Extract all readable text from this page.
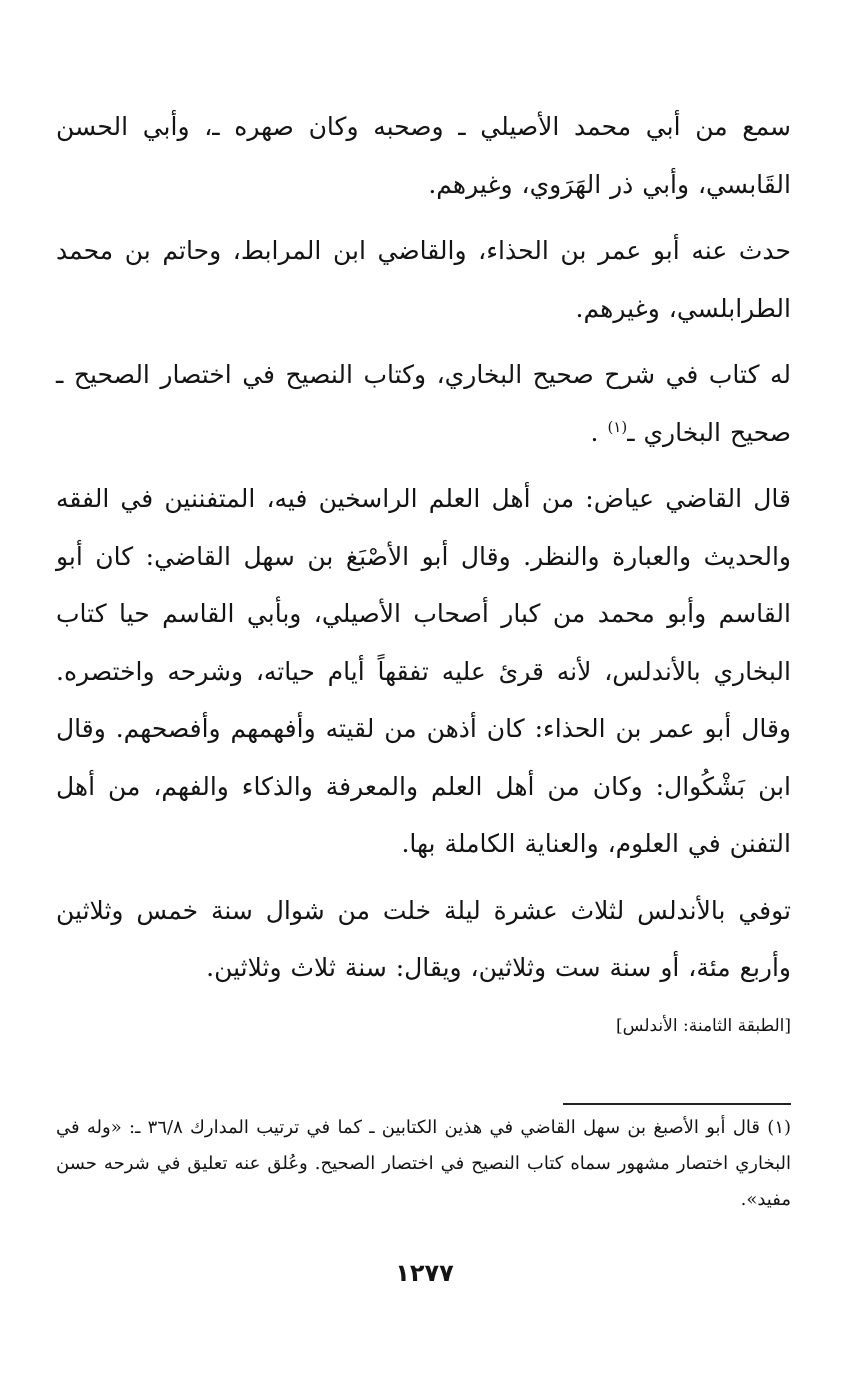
سمع من أبي محمد الأصيلي ـ وصحبه وكان صهره ـ، وأبي الحسن القَابسي، وأبي ذر الهَرَوي، وغيرهم.

حدث عنه أبو عمر بن الحذاء، والقاضي ابن المرابط، وحاتم بن محمد الطرابلسي، وغيرهم.

له كتاب في شرح صحيح البخاري، وكتاب النصيح في اختصار الصحيح ـ صحيح البخاري ـ$^{(١)}$ .

قال القاضي عياض: من أهل العلم الراسخين فيه، المتفننين في الفقه والحديث والعبارة والنظر. وقال أبو الأصْبَغ بن سهل القاضي: كان أبو القاسم وأبو محمد من كبار أصحاب الأصيلي، وبأبي القاسم حيا كتاب البخاري بالأندلس، لأنه قرئ عليه تفقهاً أيام حياته، وشرحه واختصره. وقال أبو عمر بن الحذاء: كان أذهن من لقيته وأفهمهم وأفصحهم. وقال ابن بَشْكُوال: وكان من أهل العلم والمعرفة والذكاء والفهم، من أهل التفنن في العلوم، والعناية الكاملة بها.

توفي بالأندلس لثلاث عشرة ليلة خلت من شوال سنة خمس وثلاثين وأربع مئة، أو سنة ست وثلاثين، ويقال: سنة ثلاث وثلاثين.

[الطبقة الثامنة: الأندلس]

(١) قال أبو الأصبغ بن سهل القاضي في هذين الكتابين ـ كما في ترتيب المدارك ٣٦/٨ ـ: «وله في البخاري اختصار مشهور سماه كتاب النصيح في اختصار الصحيح. وعُلق عنه تعليق في شرحه حسن مفيد».

١٢٧٧
